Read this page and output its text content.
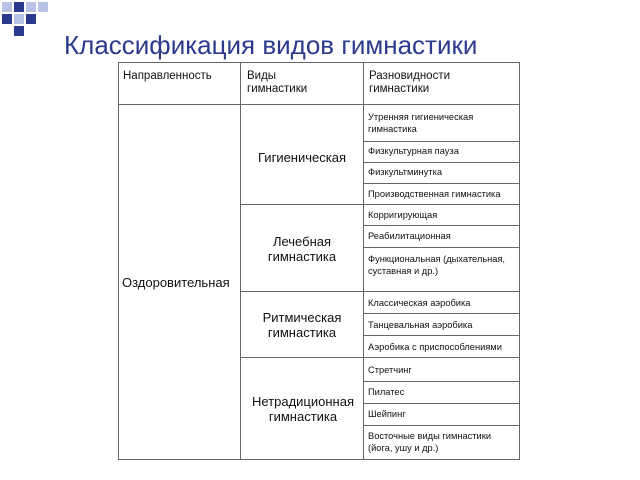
Классификация видов гимнастики
Направленность	Виды гимнастики
Разновидности гимнастики
Оздоровительная
Гигиеническая
Лечебная гимнастика
Ритмическая гимнастика
Нетрадиционная гимнастика
Утренняя гигиеническая гимнастика
Физкультурная пауза
Физкультминутка
Производственная гимнастика
Корригирующая
Реабилитационная
Функциональная (дыхательная, суставная и др.)
Классическая аэробика
Танцевальная аэробика
Аэробика с приспособлениями
Стретчинг
Пилатес
Шейпинг
Восточные виды гимнастики (йога, ушу и др.)
